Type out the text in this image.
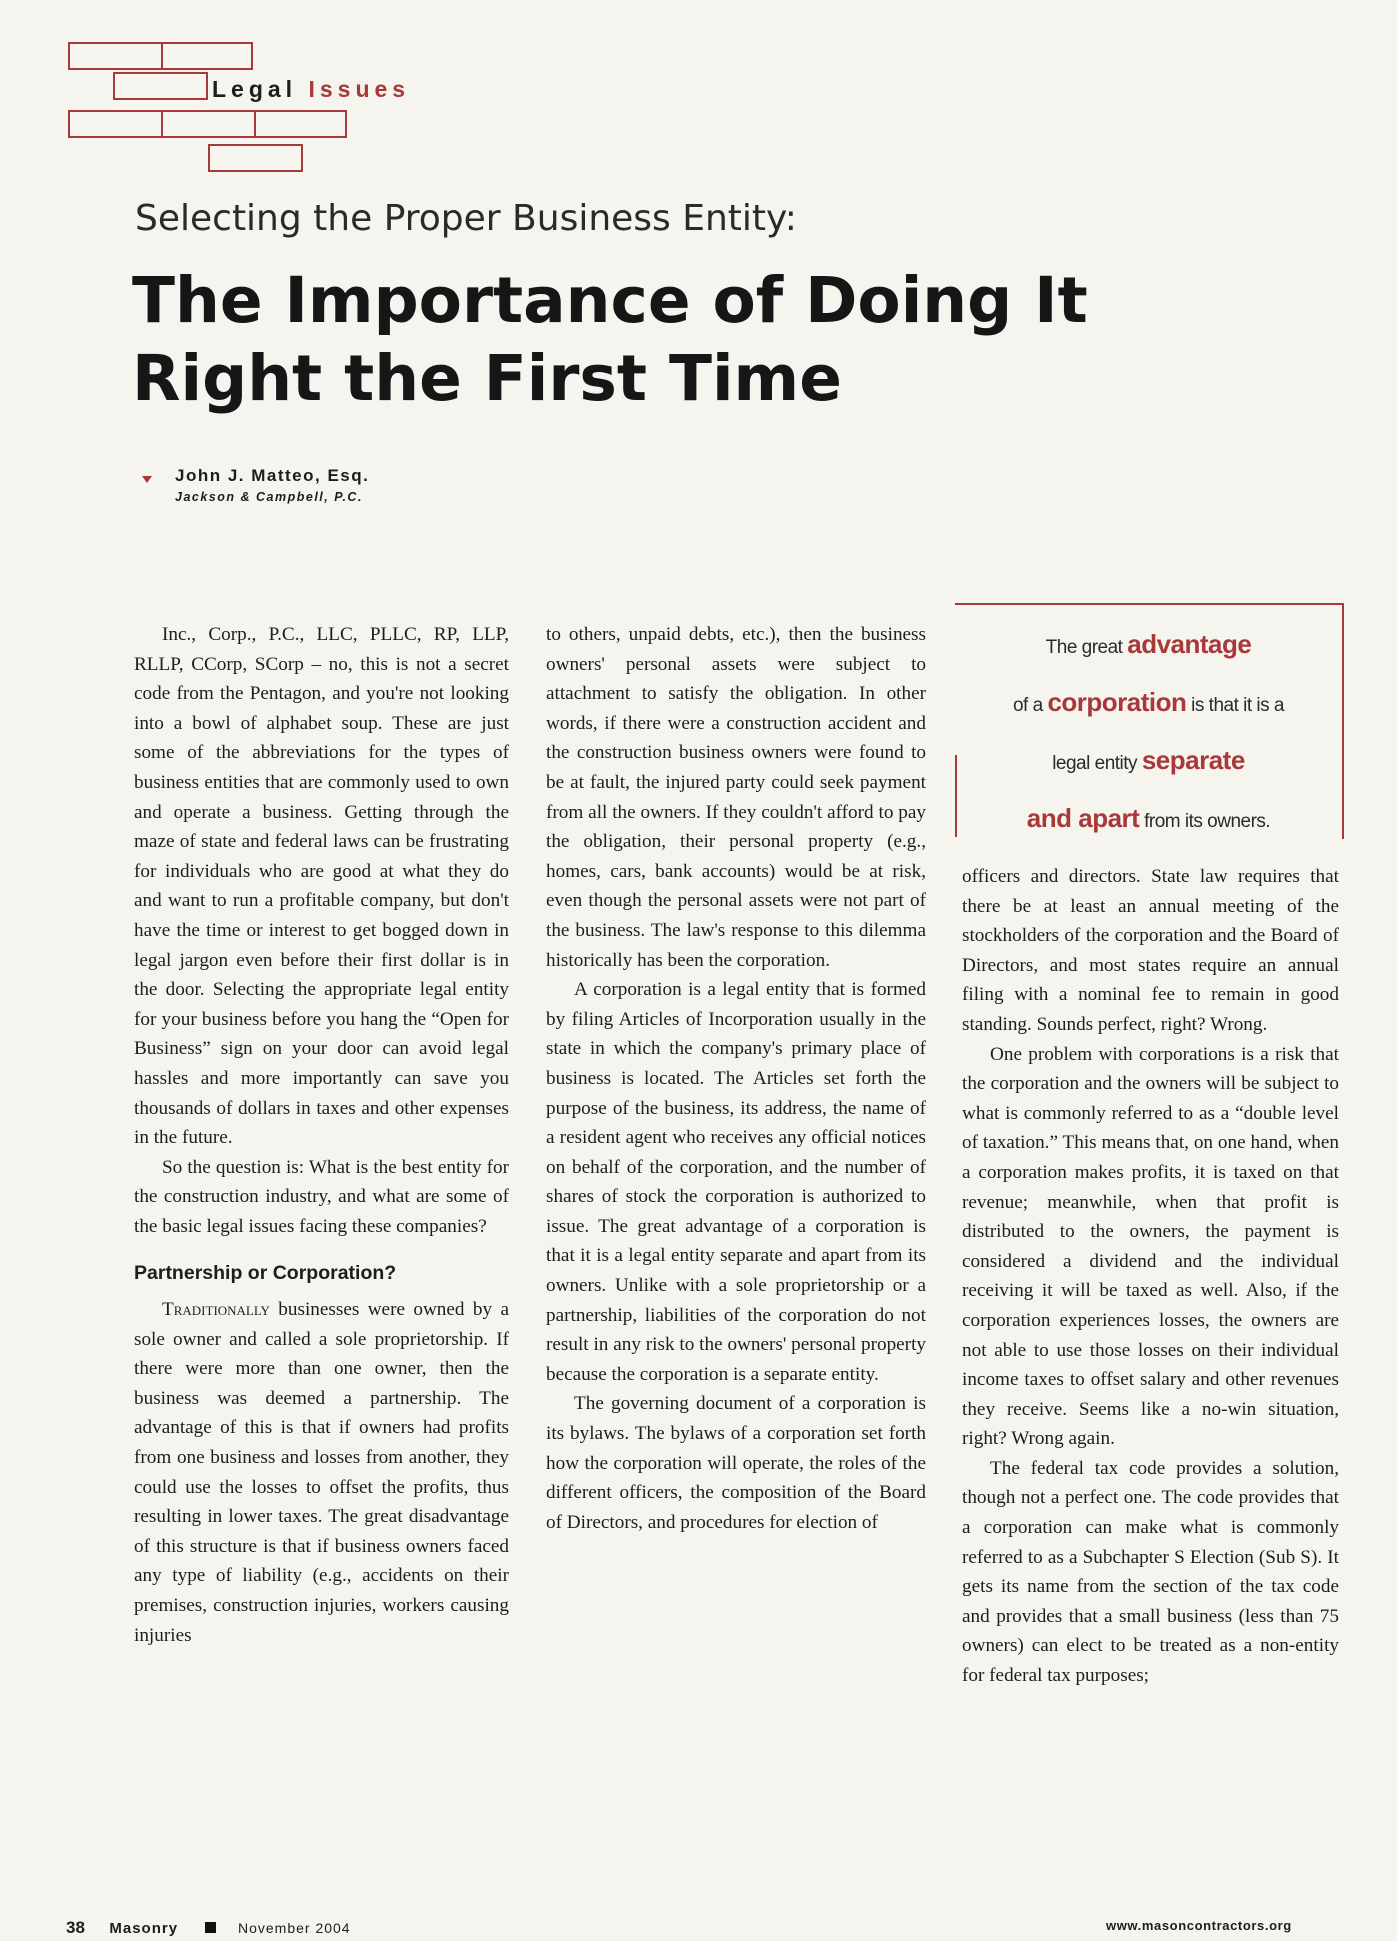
Legal Issues
Selecting the Proper Business Entity:
The Importance of Doing It Right the First Time
John J. Matteo, Esq.
Jackson & Campbell, P.C.

Inc., Corp., P.C., LLC, PLLC, RP, LLP, RLLP, CCorp, SCorp – no, this is not a secret code from the Pentagon, and you're not looking into a bowl of alphabet soup. These are just some of the abbreviations for the types of business entities that are commonly used to own and operate a business. Getting through the maze of state and federal laws can be frustrating for individuals who are good at what they do and want to run a profitable company, but don't have the time or interest to get bogged down in legal jargon even before their first dollar is in the door. Selecting the appropriate legal entity for your business before you hang the “Open for Business” sign on your door can avoid legal hassles and more importantly can save you thousands of dollars in taxes and other expenses in the future.

So the question is: What is the best entity for the construction industry, and what are some of the basic legal issues facing these companies?

Partnership or Corporation?

Traditionally businesses were owned by a sole owner and called a sole proprietorship. If there were more than one owner, then the business was deemed a partnership. The advantage of this is that if owners had profits from one business and losses from another, they could use the losses to offset the profits, thus resulting in lower taxes. The great disadvantage of this structure is that if business owners faced any type of liability (e.g., accidents on their premises, construction injuries, workers causing injuries

to others, unpaid debts, etc.), then the business owners' personal assets were subject to attachment to satisfy the obligation. In other words, if there were a construction accident and the construction business owners were found to be at fault, the injured party could seek payment from all the owners. If they couldn't afford to pay the obligation, their personal property (e.g., homes, cars, bank accounts) would be at risk, even though the personal assets were not part of the business. The law's response to this dilemma historically has been the corporation.

A corporation is a legal entity that is formed by filing Articles of Incorporation usually in the state in which the company's primary place of business is located. The Articles set forth the purpose of the business, its address, the name of a resident agent who receives any official notices on behalf of the corporation, and the number of shares of stock the corporation is authorized to issue. The great advantage of a corporation is that it is a legal entity separate and apart from its owners. Unlike with a sole proprietorship or a partnership, liabilities of the corporation do not result in any risk to the owners' personal property because the corporation is a separate entity.

The governing document of a corporation is its bylaws. The bylaws of a corporation set forth how the corporation will operate, the roles of the different officers, the composition of the Board of Directors, and procedures for election of

The great advantage
of a corporation is that it is a
legal entity separate
and apart from its owners.

officers and directors. State law requires that there be at least an annual meeting of the stockholders of the corporation and the Board of Directors, and most states require an annual filing with a nominal fee to remain in good standing. Sounds perfect, right? Wrong.

One problem with corporations is a risk that the corporation and the owners will be subject to what is commonly referred to as a “double level of taxation.” This means that, on one hand, when a corporation makes profits, it is taxed on that revenue; meanwhile, when that profit is distributed to the owners, the payment is considered a dividend and the individual receiving it will be taxed as well. Also, if the corporation experiences losses, the owners are not able to use those losses on their individual income taxes to offset salary and other revenues they receive. Seems like a no-win situation, right? Wrong again.

The federal tax code provides a solution, though not a perfect one. The code provides that a corporation can make what is commonly referred to as a Subchapter S Election (Sub S). It gets its name from the section of the tax code and provides that a small business (less than 75 owners) can elect to be treated as a non-entity for federal tax purposes;

38 Masonry	November 2004	www.masoncontractors.org
